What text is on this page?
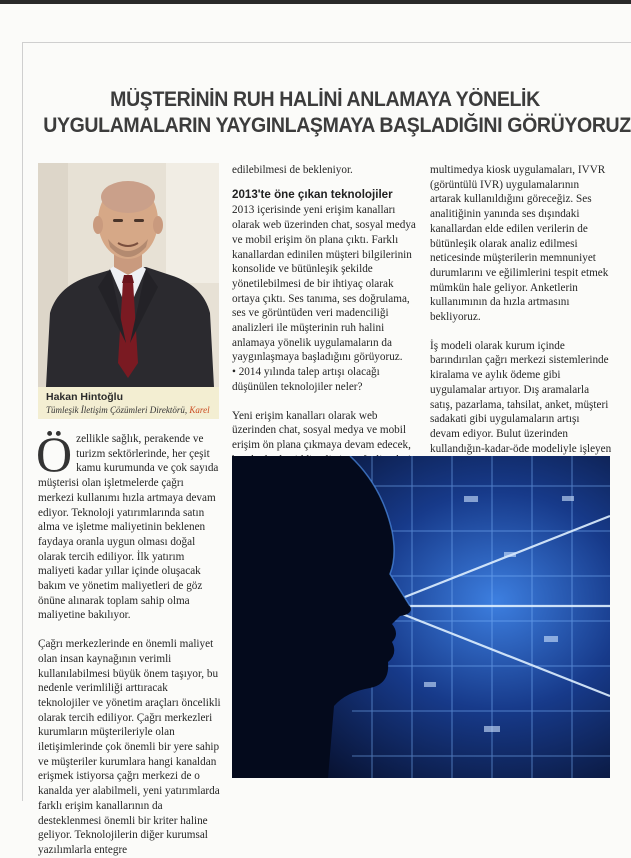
MÜŞTERİNİN RUH HALİNİ ANLAMAYA YÖNELİK
UYGULAMALARIN YAYGINLAŞMAYA BAŞLADIĞINI GÖRÜYORUZ
Hakan Hintoğlu
Tümleşik İletişim Çözümleri Direktörü, Karel
Ö zellikle sağlık, perakende ve
turizm sektörlerinde, her çeşit
kamu kurumunda ve çok sayıda

müşterisi olan işletmelerde çağrı merkezi kullanımı hızla artmaya devam ediyor. Teknoloji yatırımlarında satın alma ve işletme maliyetinin beklenen faydaya oranla uygun olması doğal olarak tercih ediliyor. İlk yatırım maliyeti kadar yıllar içinde oluşacak bakım ve yönetim maliyetleri de göz önüne alınarak toplam sahip olma maliyetine bakılıyor.

Çağrı merkezlerinde en önemli maliyet olan insan kaynağının verimli kullanılabilmesi büyük önem taşıyor, bu nedenle verimliliği arttıracak teknolojiler ve yönetim araçları öncelikli olarak tercih ediliyor. Çağrı merkezleri kurumların müşterileriyle olan iletişimlerinde çok önemli bir yere sahip ve müşteriler kurumlara hangi kanaldan erişmek istiyorsa çağrı merkezi de o kanalda yer alabilmeli, yeni yatırımlarda farklı erişim kanallarının da desteklenmesi önemli bir kriter haline geliyor. Teknolojilerin diğer kurumsal yazılımlarla entegre

edilebilmesi de bekleniyor.

2013'te öne çıkan teknolojiler

2013 içerisinde yeni erişim kanalları olarak web üzerinden chat, sosyal medya ve mobil erişim ön plana çıktı. Farklı kanallardan edinilen müşteri bilgilerinin konsolide ve bütünleşik şekilde yönetilebilmesi de bir ihtiyaç olarak ortaya çıktı. Ses tanıma, ses doğrulama, ses ve görüntüden veri madenciliği analizleri ile müşterinin ruh halini anlamaya yönelik uygulamaların da yaygınlaşmaya başladığını görüyoruz.

• 2014 yılında talep artışı olacağı düşünülen teknolojiler neler?

Yeni erişim kanalları olarak web üzerinden chat, sosyal medya ve mobil erişim ön plana çıkmaya devam edecek,

multimedya kiosk uygulamaları, IVVR (görüntülü IVR) uygulamalarının artarak kullanıldığını göreceğiz. Ses analitiğinin yanında ses dışındaki kanallardan elde edilen verilerin de bütünleşik olarak analiz edilmesi neticesinde müşterilerin memnuniyet durumlarını ve eğilimlerini tespit etmek mümkün hale geliyor. Anketlerin kullanımının da hızla artmasını bekliyoruz.

İş modeli olarak kurum içinde barındırılan çağrı merkezi sistemlerinde kiralama ve aylık ödeme gibi uygulamalar artıyor. Dış aramalarla satış, pazarlama, tahsilat, anket, müşteri sadakati gibi uygulamaların artışı devam ediyor. Bulut üzerinden kullandığın-kadar-öde modeliyle işleyen
